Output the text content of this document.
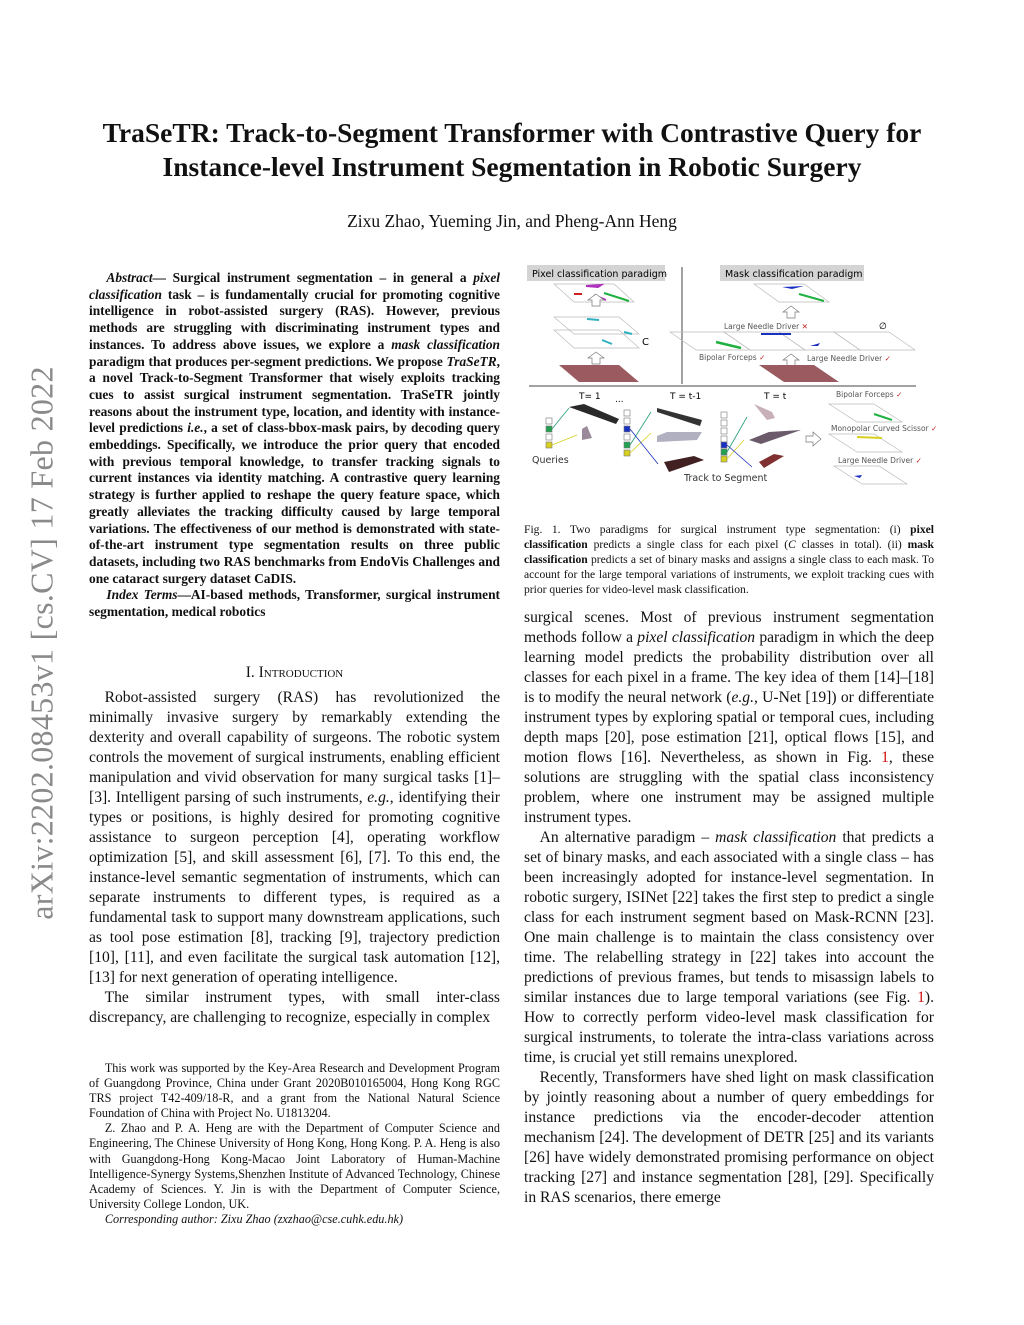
arXiv:2202.08453v1 [cs.CV] 17 Feb 2022
TraSeTR: Track-to-Segment Transformer with Contrastive Query for
Instance-level Instrument Segmentation in Robotic Surgery
Zixu Zhao, Yueming Jin, and Pheng-Ann Heng

Abstract— Surgical instrument segmentation – in general a pixel classification task – is fundamentally crucial for promoting cognitive intelligence in robot-assisted surgery (RAS). However, previous methods are struggling with discriminating instrument types and instances. To address above issues, we explore a mask classification paradigm that produces per-segment predictions. We propose TraSeTR, a novel Track-to-Segment Transformer that wisely exploits tracking cues to assist surgical instrument segmentation. TraSeTR jointly reasons about the instrument type, location, and identity with instance-level predictions i.e., a set of class-bbox-mask pairs, by decoding query embeddings. Specifically, we introduce the prior query that encoded with previous temporal knowledge, to transfer tracking signals to current instances via identity matching. A contrastive query learning strategy is further applied to reshape the query feature space, which greatly alleviates the tracking difficulty caused by large temporal variations. The effectiveness of our method is demonstrated with state-of-the-art instrument type segmentation results on three public datasets, including two RAS benchmarks from EndoVis Challenges and one cataract surgery dataset CaDIS.

Index Terms—AI-based methods, Transformer, surgical instrument segmentation, medical robotics

I. Introduction

Robot-assisted surgery (RAS) has revolutionized the minimally invasive surgery by remarkably extending the dexterity and overall capability of surgeons. The robotic system controls the movement of surgical instruments, enabling efficient manipulation and vivid observation for many surgical tasks [1]–[3]. Intelligent parsing of such instruments, e.g., identifying their types or positions, is highly desired for promoting cognitive assistance to surgeon perception [4], operating workflow optimization [5], and skill assessment [6], [7]. To this end, the instance-level semantic segmentation of instruments, which can separate instruments to different types, is required as a fundamental task to support many downstream applications, such as tool pose estimation [8], tracking [9], trajectory prediction [10], [11], and even facilitate the surgical task automation [12], [13] for next generation of operating intelligence.

The similar instrument types, with small inter-class discrepancy, are challenging to recognize, especially in complex

This work was supported by the Key-Area Research and Development Program of Guangdong Province, China under Grant 2020B010165004, Hong Kong RGC TRS project T42-409/18-R, and a grant from the National Natural Science Foundation of China with Project No. U1813204.

Z. Zhao and P. A. Heng are with the Department of Computer Science and Engineering, The Chinese University of Hong Kong, Hong Kong. P. A. Heng is also with Guangdong-Hong Kong-Macao Joint Laboratory of Human-Machine Intelligence-Synergy Systems,Shenzhen Institute of Advanced Technology, Chinese Academy of Sciences. Y. Jin is with the Department of Computer Science, University College London, UK.

Corresponding author: Zixu Zhao (zxzhao@cse.cuhk.edu.hk)

Pixel classification paradigm	Mask classification paradigm
C
Large Needle Driver ✕	∅
Bipolar Forceps ✓	Large Needle Driver ✓
T= 1 ...	T = t-1	T = t	Bipolar Forceps ✓
Monopolar Curved Scissor ✓
Large Needle Driver ✓
Queries
Track to Segment

Fig. 1. Two paradigms for surgical instrument type segmentation: (i) pixel classification predicts a single class for each pixel (C classes in total). (ii) mask classification predicts a set of binary masks and assigns a single class to each mask. To account for the large temporal variations of instruments, we exploit tracking cues with prior queries for video-level mask classification.

surgical scenes. Most of previous instrument segmentation methods follow a pixel classification paradigm in which the deep learning model predicts the probability distribution over all classes for each pixel in a frame. The key idea of them [14]–[18] is to modify the neural network (e.g., U-Net [19]) or differentiate instrument types by exploring spatial or temporal cues, including depth maps [20], pose estimation [21], optical flows [15], and motion flows [16]. Nevertheless, as shown in Fig. 1, these solutions are struggling with the spatial class inconsistency problem, where one instrument may be assigned multiple instrument types.

An alternative paradigm – mask classification that predicts a set of binary masks, and each associated with a single class – has been increasingly adopted for instance-level segmentation. In robotic surgery, ISINet [22] takes the first step to predict a single class for each instrument segment based on Mask-RCNN [23]. One main challenge is to maintain the class consistency over time. The relabelling strategy in [22] takes into account the predictions of previous frames, but tends to misassign labels to similar instances due to large temporal variations (see Fig. 1). How to correctly perform video-level mask classification for surgical instruments, to tolerate the intra-class variations across time, is crucial yet still remains unexplored.

Recently, Transformers have shed light on mask classification by jointly reasoning about a number of query embeddings for instance predictions via the encoder-decoder attention mechanism [24]. The development of DETR [25] and its variants [26] have widely demonstrated promising performance on object tracking [27] and instance segmentation [28], [29]. Specifically in RAS scenarios, there emerge
